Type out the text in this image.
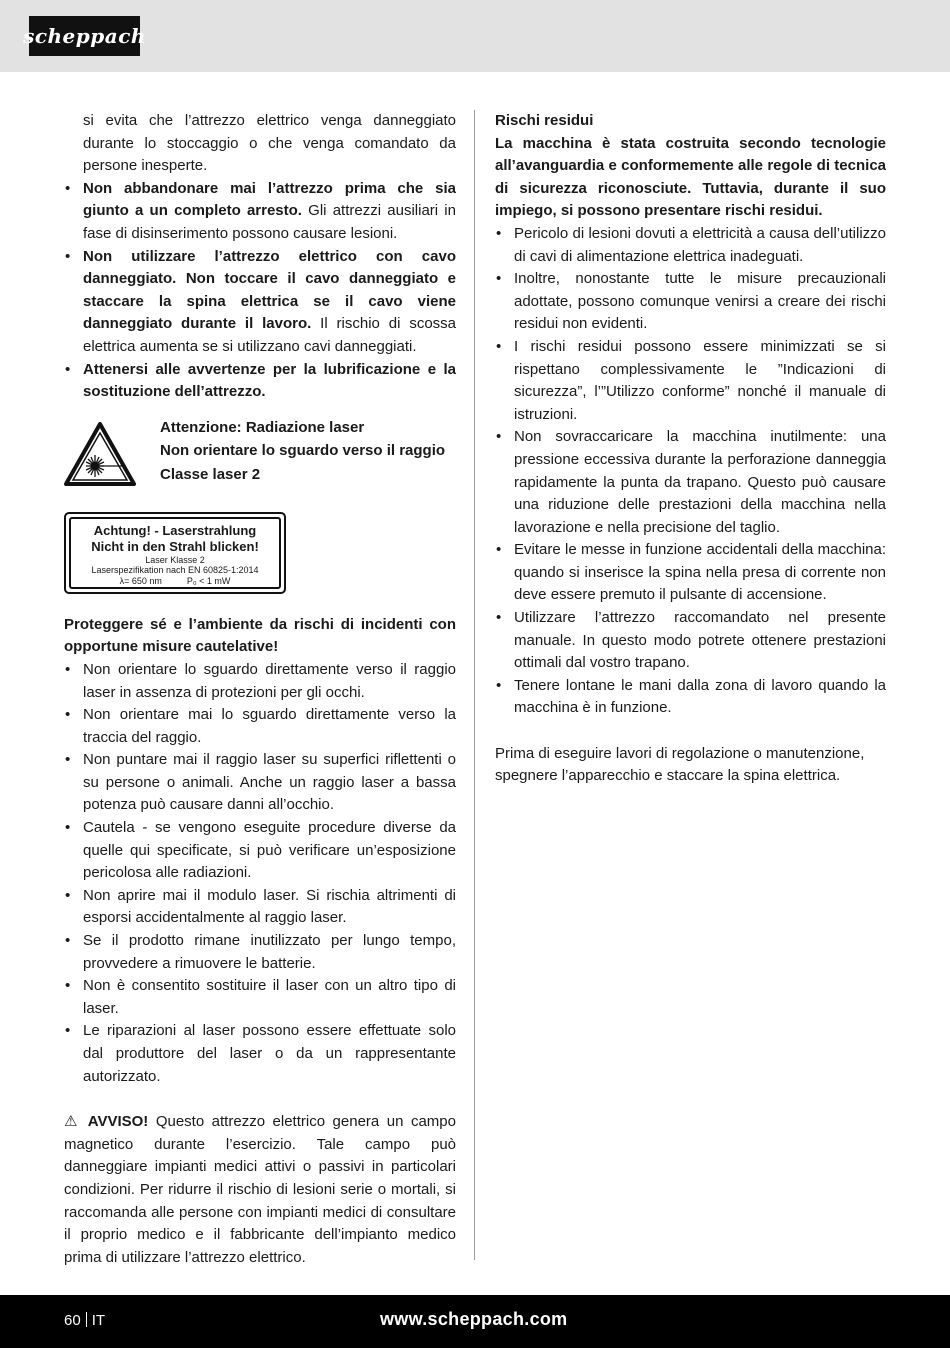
scheppach

si evita che l’attrezzo elettrico venga danneggiato durante lo stoccaggio o che venga comandato da persone inesperte.

• Non abbandonare mai l’attrezzo prima che sia giunto a un completo arresto. Gli attrezzi ausiliari in fase di disinserimento possono causare lesioni.
• Non utilizzare l’attrezzo elettrico con cavo danneggiato. Non toccare il cavo danneggiato e staccare la spina elettrica se il cavo viene danneggiato durante il lavoro. Il rischio di scossa elettrica aumenta se si utilizzano cavi danneggiati.
• Attenersi alle avvertenze per la lubrificazione e la sostituzione dell’attrezzo.
Attenzione: Radiazione laser
Non orientare lo sguardo verso il raggio
Classe laser 2
Achtung! - Laserstrahlung
Nicht in den Strahl blicken!
Laser Klasse 2
Laserspezifikation nach EN 60825-1:2014
λ= 650 nm          P₀ < 1 mW

Proteggere sé e l’ambiente da rischi di incidenti con opportune misure cautelative!

• Non orientare lo sguardo direttamente verso il raggio laser in assenza di protezioni per gli occhi.
• Non orientare mai lo sguardo direttamente verso la traccia del raggio.
• Non puntare mai il raggio laser su superfici riflettenti o su persone o animali. Anche un raggio laser a bassa potenza può causare danni all’occhio.
• Cautela - se vengono eseguite procedure diverse da quelle qui specificate, si può verificare un’esposizione pericolosa alle radiazioni.
• Non aprire mai il modulo laser. Si rischia altrimenti di esporsi accidentalmente al raggio laser.
• Se il prodotto rimane inutilizzato per lungo tempo, provvedere a rimuovere le batterie.
• Non è consentito sostituire il laser con un altro tipo di laser.
• Le riparazioni al laser possono essere effettuate solo dal produttore del laser o da un rappresentante autorizzato.

⚠ AVVISO! Questo attrezzo elettrico genera un campo magnetico durante l’esercizio. Tale campo può danneggiare impianti medici attivi o passivi in particolari condizioni. Per ridurre il rischio di lesioni serie o mortali, si raccomanda alle persone con impianti medici di consultare il proprio medico e il fabbricante dell’impianto medico prima di utilizzare l’attrezzo elettrico.

Rischi residui

La macchina è stata costruita secondo tecnologie all’avanguardia e conformemente alle regole di tecnica di sicurezza riconosciute. Tuttavia, durante il suo impiego, si possono presentare rischi residui.

• Pericolo di lesioni dovuti a elettricità a causa dell’utilizzo di cavi di alimentazione elettrica inadeguati.
• Inoltre, nonostante tutte le misure precauzionali adottate, possono comunque venirsi a creare dei rischi residui non evidenti.
• I rischi residui possono essere minimizzati se si rispettano complessivamente le ”Indicazioni di sicurezza”, l’”Utilizzo conforme” nonché il manuale di istruzioni.
• Non sovraccaricare la macchina inutilmente: una pressione eccessiva durante la perforazione danneggia rapidamente la punta da trapano. Questo può causare una riduzione delle prestazioni della macchina nella lavorazione e nella precisione del taglio.
• Evitare le messe in funzione accidentali della macchina: quando si inserisce la spina nella presa di corrente non deve essere premuto il pulsante di accensione.
• Utilizzare l’attrezzo raccomandato nel presente manuale. In questo modo potrete ottenere prestazioni ottimali dal vostro trapano.
• Tenere lontane le mani dalla zona di lavoro quando la macchina è in funzione.

Prima di eseguire lavori di regolazione o manutenzione, spegnere l’apparecchio e staccare la spina elettrica.

60 IT	www.scheppach.com
